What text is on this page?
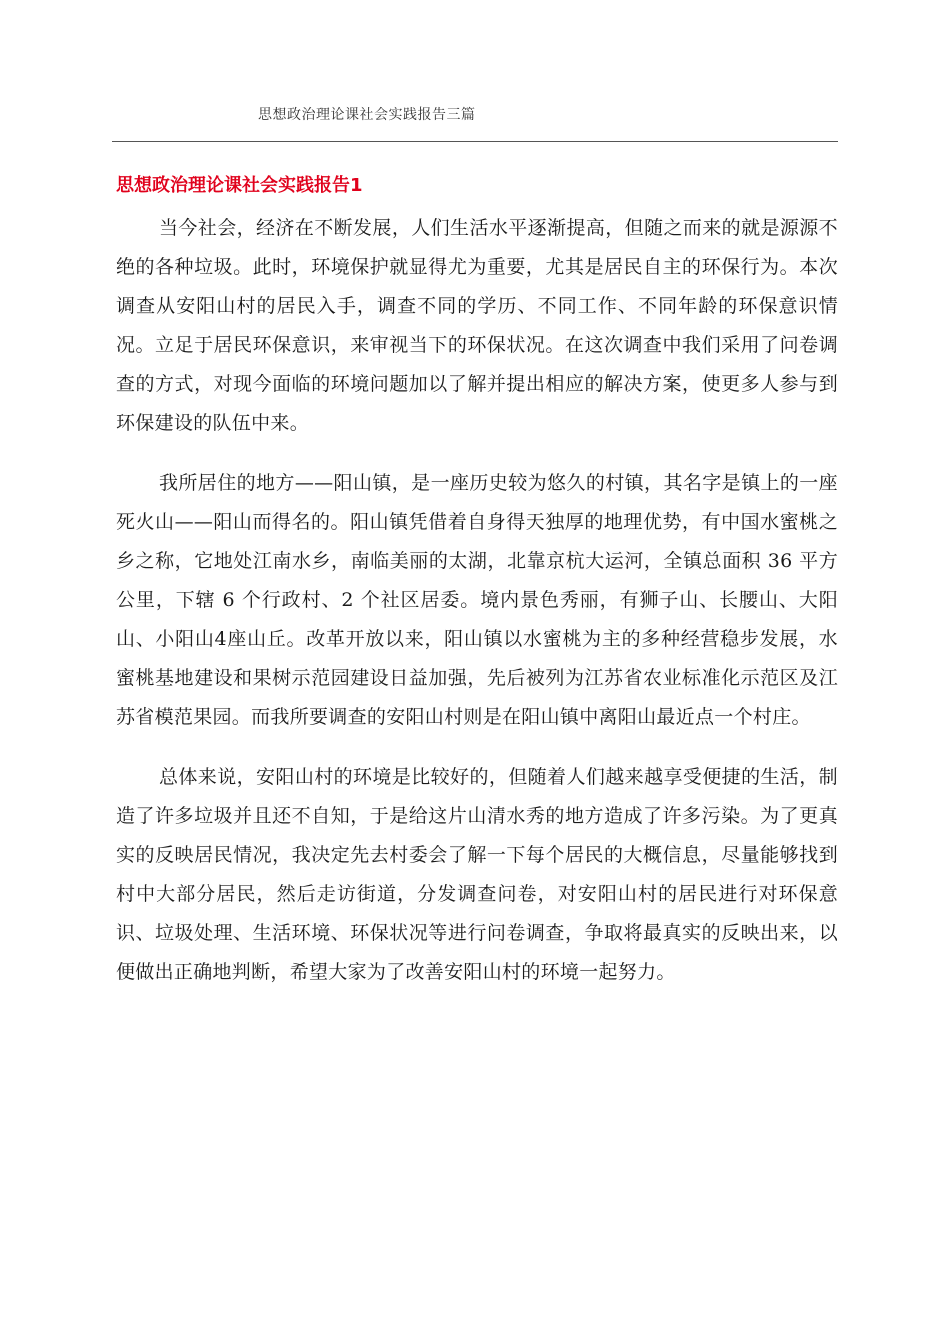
思想政治理论课社会实践报告三篇
思想政治理论课社会实践报告1

当今社会，经济在不断发展，人们生活水平逐渐提高，但随之而来的就是源源不绝的各种垃圾。此时，环境保护就显得尤为重要，尤其是居民自主的环保行为。本次调查从安阳山村的居民入手，调查不同的学历、不同工作、不同年龄的环保意识情况。立足于居民环保意识，来审视当下的环保状况。在这次调查中我们采用了问卷调查的方式，对现今面临的环境问题加以了解并提出相应的解决方案，使更多人参与到环保建设的队伍中来。

我所居住的地方——阳山镇，是一座历史较为悠久的村镇，其名字是镇上的一座死火山——阳山而得名的。阳山镇凭借着自身得天独厚的地理优势，有中国水蜜桃之乡之称，它地处江南水乡，南临美丽的太湖，北靠京杭大运河，全镇总面积 36 平方公里，下辖 6 个行政村、2 个社区居委。境内景色秀丽，有狮子山、长腰山、大阳山、小阳山4座山丘。改革开放以来，阳山镇以水蜜桃为主的多种经营稳步发展，水蜜桃基地建设和果树示范园建设日益加强，先后被列为江苏省农业标准化示范区及江苏省模范果园。而我所要调查的安阳山村则是在阳山镇中离阳山最近点一个村庄。

总体来说，安阳山村的环境是比较好的，但随着人们越来越享受便捷的生活，制造了许多垃圾并且还不自知，于是给这片山清水秀的地方造成了许多污染。为了更真实的反映居民情况，我决定先去村委会了解一下每个居民的大概信息，尽量能够找到村中大部分居民，然后走访街道，分发调查问卷，对安阳山村的居民进行对环保意识、垃圾处理、生活环境、环保状况等进行问卷调查，争取将最真实的反映出来，以便做出正确地判断，希望大家为了改善安阳山村的环境一起努力。
